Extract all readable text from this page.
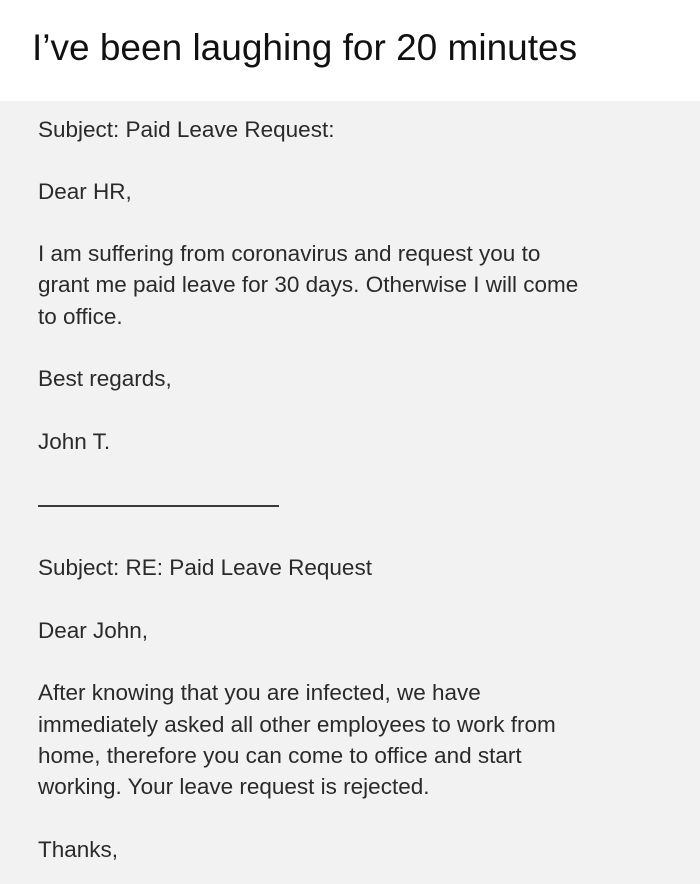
I’ve been laughing for 20 minutes
Subject: Paid Leave Request:
Dear HR,
I am suffering from coronavirus and request you to
grant me paid leave for 30 days. Otherwise I will come
to office.
Best regards,
John T.
Subject: RE: Paid Leave Request
Dear John,
After knowing that you are infected, we have
immediately asked all other employees to work from
home, therefore you can come to office and start
working. Your leave request is rejected.
Thanks,
